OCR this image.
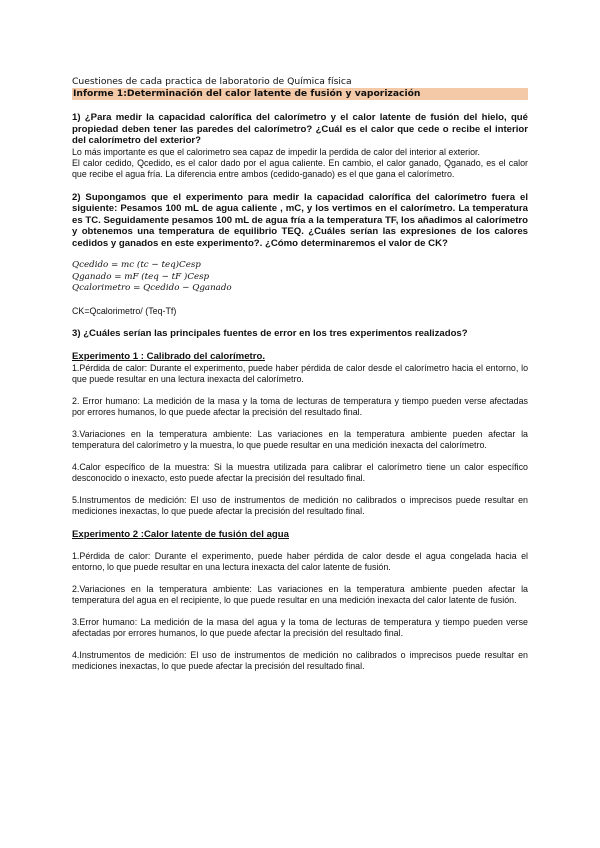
Cuestiones de cada practica de laboratorio de Química física

Informe 1:Determinación del calor latente de fusión y vaporización

1) ¿Para medir la capacidad calorífica del calorímetro y el calor latente de fusión del hielo, qué propiedad deben tener las paredes del calorímetro? ¿Cuál es el calor que cede o recibe el interior del calorímetro del exterior?

Lo más importante es que el calorimetro sea capaz de impedir la perdida de calor del interior al exterior.

El calor cedido, Qcedido, es el calor dado por el agua caliente. En cambio, el calor ganado, Qganado, es el calor que recibe el agua fría. La diferencia entre ambos (cedido-ganado) es el que gana el calorímetro.

2) Supongamos que el experimento para medir la capacidad calorífica del calorímetro fuera el siguiente: Pesamos 100 mL de agua caliente , mC, y los vertimos en el calorímetro. La temperatura es TC. Seguidamente pesamos 100 mL de agua fría a la temperatura TF, los añadimos al calorímetro y obtenemos una temperatura de equilibrio TEQ. ¿Cuáles serían las expresiones de los calores cedidos y ganados en este experimento?. ¿Cómo determinaremos el valor de CK?

Qcedido = mc (tc − teq)Cesp

Qganado = mF (teq − tF )Cesp

Qcalorimetro = Qcedido − Qganado

CK=Qcalorimetro/ (Teq-Tf)

3) ¿Cuáles serían las principales fuentes de error en los tres experimentos realizados?

Experimento 1 : Calibrado del calorímetro.

1.Pérdida de calor: Durante el experimento, puede haber pérdida de calor desde el calorímetro hacia el entorno, lo que puede resultar en una lectura inexacta del calorímetro.

2. Error humano: La medición de la masa y la toma de lecturas de temperatura y tiempo pueden verse afectadas por errores humanos, lo que puede afectar la precisión del resultado final.

3.Variaciones en la temperatura ambiente: Las variaciones en la temperatura ambiente pueden afectar la temperatura del calorímetro y la muestra, lo que puede resultar en una medición inexacta del calorímetro.

4.Calor específico de la muestra: Si la muestra utilizada para calibrar el calorímetro tiene un calor específico desconocido o inexacto, esto puede afectar la precisión del resultado final.

5.Instrumentos de medición: El uso de instrumentos de medición no calibrados o imprecisos puede resultar en mediciones inexactas, lo que puede afectar la precisión del resultado final.

Experimento 2 :Calor latente de fusión del agua

1.Pérdida de calor: Durante el experimento, puede haber pérdida de calor desde el agua congelada hacia el entorno, lo que puede resultar en una lectura inexacta del calor latente de fusión.

2.Variaciones en la temperatura ambiente: Las variaciones en la temperatura ambiente pueden afectar la temperatura del agua en el recipiente, lo que puede resultar en una medición inexacta del calor latente de fusión.

3.Error humano: La medición de la masa del agua y la toma de lecturas de temperatura y tiempo pueden verse afectadas por errores humanos, lo que puede afectar la precisión del resultado final.

4.Instrumentos de medición: El uso de instrumentos de medición no calibrados o imprecisos puede resultar en mediciones inexactas, lo que puede afectar la precisión del resultado final.
